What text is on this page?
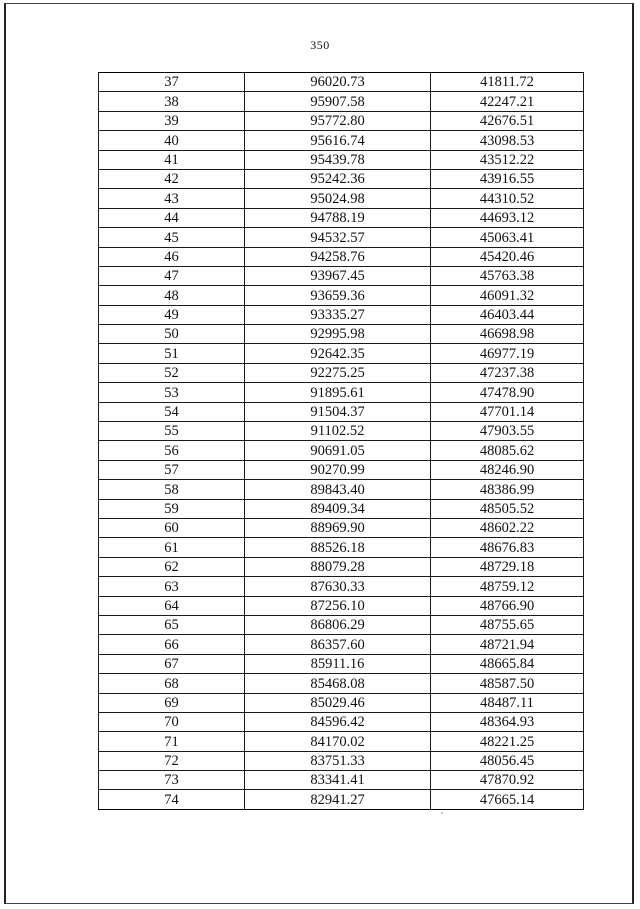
350
37	96020.73	41811.72
38	95907.58	42247.21
39	95772.80	42676.51
40	95616.74	43098.53
41	95439.78	43512.22
42	95242.36	43916.55
43	95024.98	44310.52
44	94788.19	44693.12
45	94532.57	45063.41
46	94258.76	45420.46
47	93967.45	45763.38
48	93659.36	46091.32
49	93335.27	46403.44
50	92995.98	46698.98
51	92642.35	46977.19
52	92275.25	47237.38
53	91895.61	47478.90
54	91504.37	47701.14
55	91102.52	47903.55
56	90691.05	48085.62
57	90270.99	48246.90
58	89843.40	48386.99
59	89409.34	48505.52
60	88969.90	48602.22
61	88526.18	48676.83
62	88079.28	48729.18
63	87630.33	48759.12
64	87256.10	48766.90
65	86806.29	48755.65
66	86357.60	48721.94
67	85911.16	48665.84
68	85468.08	48587.50
69	85029.46	48487.11
70	84596.42	48364.93
71	84170.02	48221.25
72	83751.33	48056.45
73	83341.41	47870.92
74	82941.27	47665.14
